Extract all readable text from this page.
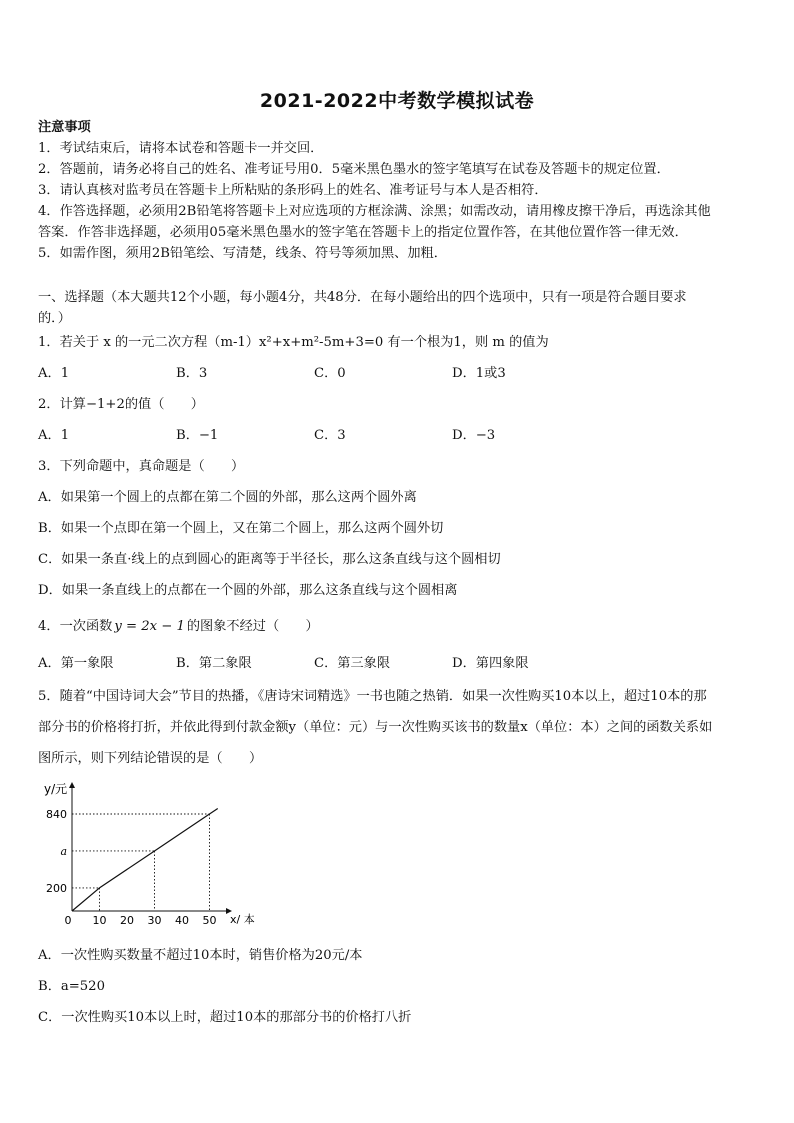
2021-2022中考数学模拟试卷
注意事项
1．考试结束后，请将本试卷和答题卡一并交回．
2．答题前，请务必将自己的姓名、准考证号用0．5毫米黑色墨水的签字笔填写在试卷及答题卡的规定位置．
3．请认真核对监考员在答题卡上所粘贴的条形码上的姓名、准考证号与本人是否相符．
4．作答选择题，必须用2B铅笔将答题卡上对应选项的方框涂满、涂黑；如需改动，请用橡皮擦干净后，再选涂其他
答案．作答非选择题，必须用05毫米黑色墨水的签字笔在答题卡上的指定位置作答，在其他位置作答一律无效．
5．如需作图，须用2B铅笔绘、写清楚，线条、符号等须加黑、加粗．
一、选择题（本大题共12个小题，每小题4分，共48分．在每小题给出的四个选项中，只有一项是符合题目要求
的．）
1．若关于 x 的一元二次方程（m-1）x²+x+m²-5m+3=0 有一个根为1，则 m 的值为
A．1	B．3	C．0	D．1或3
2．计算−1+2的值（　　）
A．1	B．−1	C．3	D．−3
3．下列命题中，真命题是（　　）
A．如果第一个圆上的点都在第二个圆的外部，那么这两个圆外离
B．如果一个点即在第一个圆上，又在第二个圆上，那么这两个圆外切
C．如果一条直·线上的点到圆心的距离等于半径长，那么这条直线与这个圆相切
D．如果一条直线上的点都在一个圆的外部，那么这条直线与这个圆相离
4．一次函数 y = 2x − 1 的图象不经过（　　）
A．第一象限	B．第二象限	C．第三象限	D．第四象限
5．随着“中国诗词大会”节目的热播，《唐诗宋词精选》一书也随之热销．如果一次性购买10本以上，超过10本的那
部分书的价格将打折，并依此得到付款金额y（单位：元）与一次性购买该书的数量x（单位：本）之间的函数关系如
图所示，则下列结论错误的是（　　）
y/元
x/ 本
0 10 20 30 40 50
200
a
840
A．一次性购买数量不超过10本时，销售价格为20元/本
B．a=520
C．一次性购买10本以上时，超过10本的那部分书的价格打八折
